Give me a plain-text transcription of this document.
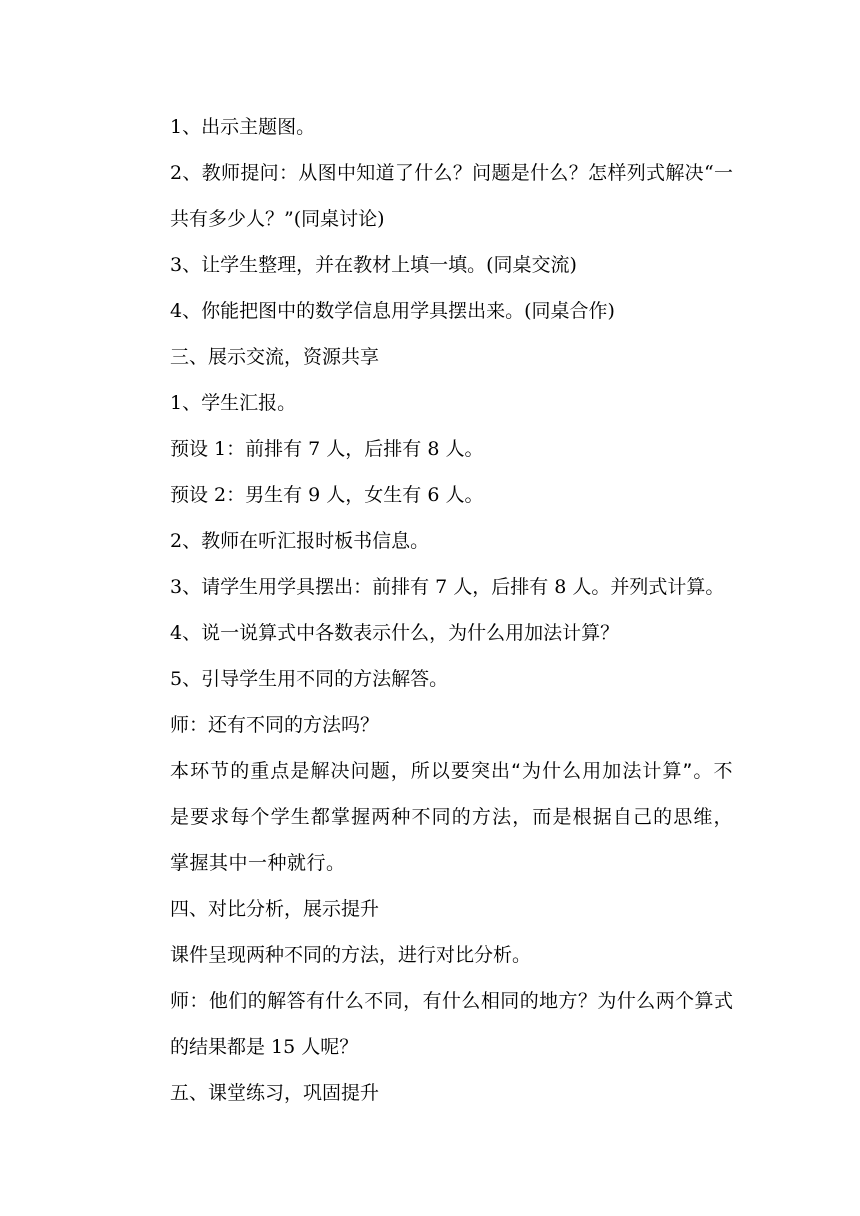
1、出示主题图。

2、教师提问：从图中知道了什么？问题是什么？怎样列式解决“一共有多少人？”(同桌讨论)

3、让学生整理，并在教材上填一填。(同桌交流)

4、你能把图中的数学信息用学具摆出来。(同桌合作)

三、展示交流，资源共享

1、学生汇报。

预设 1：前排有 7 人，后排有 8 人。

预设 2：男生有 9 人，女生有 6 人。

2、教师在听汇报时板书信息。

3、请学生用学具摆出：前排有 7 人，后排有 8 人。并列式计算。

4、说一说算式中各数表示什么，为什么用加法计算？

5、引导学生用不同的方法解答。

师：还有不同的方法吗？

本环节的重点是解决问题，所以要突出“为什么用加法计算”。不是要求每个学生都掌握两种不同的方法，而是根据自己的思维，掌握其中一种就行。

四、对比分析，展示提升

课件呈现两种不同的方法，进行对比分析。

师：他们的解答有什么不同，有什么相同的地方？为什么两个算式的结果都是 15 人呢？

五、课堂练习，巩固提升
